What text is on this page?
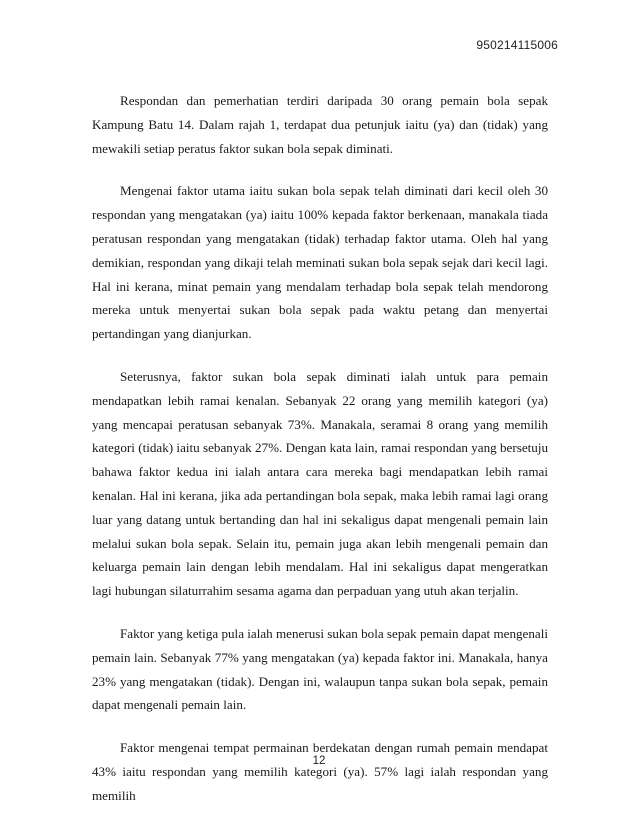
950214115006

Respondan dan pemerhatian terdiri daripada 30 orang pemain bola sepak Kampung Batu 14. Dalam rajah 1, terdapat dua petunjuk iaitu (ya) dan (tidak) yang mewakili setiap peratus faktor sukan bola sepak diminati.

Mengenai faktor utama iaitu sukan bola sepak telah diminati dari kecil oleh 30 respondan yang mengatakan (ya) iaitu 100% kepada faktor berkenaan, manakala tiada peratusan respondan yang mengatakan (tidak) terhadap faktor utama. Oleh hal yang demikian, respondan yang dikaji telah meminati sukan bola sepak sejak dari kecil lagi. Hal ini kerana, minat pemain yang mendalam terhadap bola sepak telah mendorong mereka untuk menyertai sukan bola sepak pada waktu petang dan menyertai pertandingan yang dianjurkan.

Seterusnya, faktor sukan bola sepak diminati ialah untuk para pemain mendapatkan lebih ramai kenalan. Sebanyak 22 orang yang memilih kategori (ya) yang mencapai peratusan sebanyak 73%. Manakala, seramai 8 orang yang memilih kategori (tidak) iaitu sebanyak 27%. Dengan kata lain, ramai respondan yang bersetuju bahawa faktor kedua ini ialah antara cara mereka bagi mendapatkan lebih ramai kenalan. Hal ini kerana, jika ada pertandingan bola sepak, maka lebih ramai lagi orang luar yang datang untuk bertanding dan hal ini sekaligus dapat mengenali pemain lain melalui sukan bola sepak. Selain itu, pemain juga akan lebih mengenali pemain dan keluarga pemain lain dengan lebih mendalam. Hal ini sekaligus dapat mengeratkan lagi hubungan silaturrahim sesama agama dan perpaduan yang utuh akan terjalin.

Faktor yang ketiga pula ialah menerusi sukan bola sepak pemain dapat mengenali pemain lain. Sebanyak 77% yang mengatakan (ya) kepada faktor ini. Manakala, hanya 23% yang mengatakan (tidak). Dengan ini, walaupun tanpa sukan bola sepak, pemain dapat mengenali pemain lain.

Faktor mengenai tempat permainan berdekatan dengan rumah pemain mendapat 43% iaitu respondan yang memilih kategori (ya). 57% lagi ialah respondan yang memilih

12
